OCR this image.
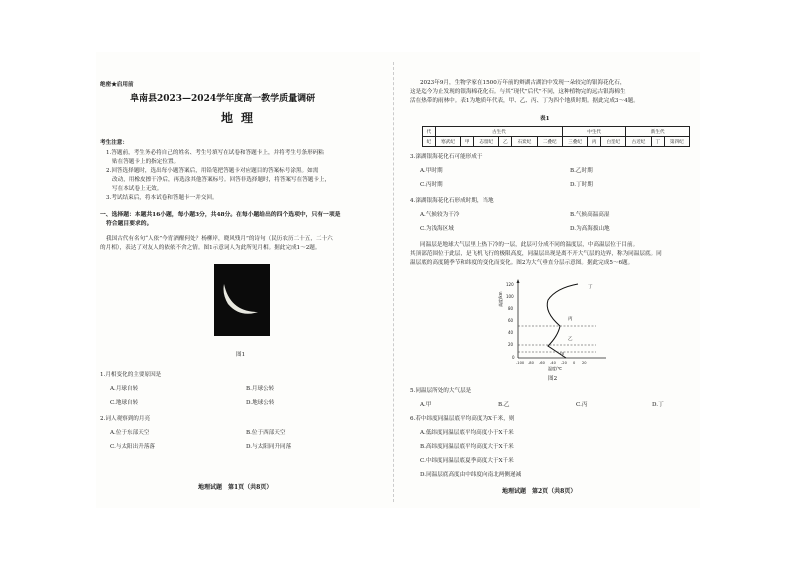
绝密★启用前
阜南县2023—2024学年度高一教学质量调研
地理
考生注意：
1.答题前，考生务必将自己的姓名、考生号填写在试卷和答题卡上，并将考生号条形码粘
贴在答题卡上的指定位置。
2.回答选择题时，选出每小题答案后，用铅笔把答题卡对应题目的答案标号涂黑。如需
改动，用橡皮擦干净后，再选涂其他答案标号。回答非选择题时，将答案写在答题卡上，
写在本试卷上无效。
3.考试结束后，将本试卷和答题卡一并交回。
一、选择题：本题共16小题，每小题3分，共48分。在每小题给出的四个选项中，只有一项是
符合题目要求的。
我国古代有名句“人依”今宵酒醒何处？杨柳岸，晓风残月”的诗句（民历农历二十五，二十六
的月相），表达了对友人的依依不舍之情。图1示意词人为此所见月相。据此完成1～2题。
图1
1.月相变化的主要原因是
A.月球自转	B.月球公转
C.地球自转	D.地球公转
2.词人观察到的月亮
A.位于东部天空	B.位于西部天空
C.与太阳出升落落	D.与太阳同升同落
地理试题　第1页（共8页）
2023年9月，生物学家在1500万年前的辫湖古湖泊中发现一朵较完的银海花化石，
这是迄今为止发现的银海棉花化石。与其“现代”后代”不同，这种植物完的远古银海棉生
活在热带的雨林中。表1为地质年代表，甲、乙、丙、丁为四个地质时期。据此完成3～4题。
表1
代	古生代						中生代			新生代		
纪	寒武纪	甲	志留纪	乙	石炭纪	二叠纪	三叠纪	丙	白垩纪	古近纪	丁	第四纪
3.滦湖银海花化石可能形成于
A.甲时期	B.乙时期
C.丙时期	D.丁时期
4.滦湖银海花化石形成时期，当地
A.气候较为干冷	B.气候高温高湿
C.为浅海区域	D.为高海拔山地
同温层是地球大气层里上热下冷的一层，此层可分成不同的温度层，中高温层位于目前。
其顶部范围位于此层，是飞机飞行的极限高度，同温层出现是离不开大气层的边界，称为同温层底。同
温层底的高度随季节和纬度的变化而变化。图2为大气垂直分层示意图。据此完成5～6题。
120
100
80
60
40
20
0
-100 -80 -60 -40 -20 0 20
高度/km
温度/℃
丁
丙
乙
甲
图2
5.同温层所处的大气层是
A.甲	B.乙	C.丙	D.丁
6.若中纬度同温层底平均高度为X千米，则
A.低纬度同温层底平均高度小于X千米
B.高纬度同温层底平均高度大于X千米
C.中纬度同温层底夏季高度大于X千米
D.同温层底高度由中纬度向南北两侧递减
地理试题　第2页（共8页）
